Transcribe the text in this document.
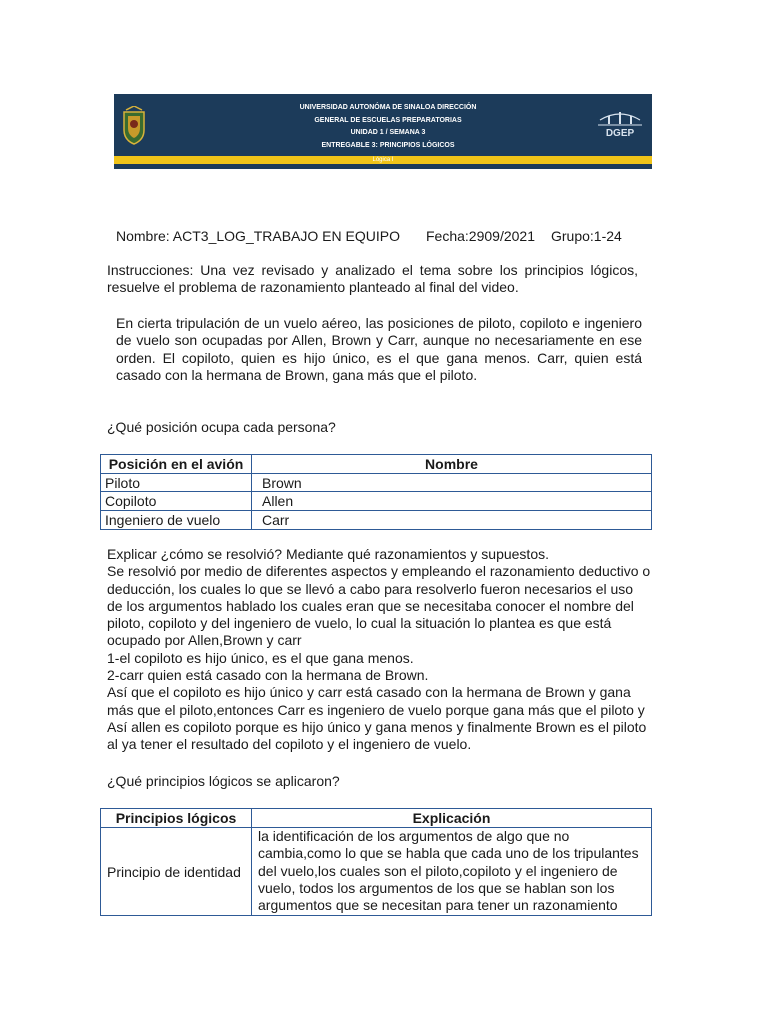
Lógica I
UNIVERSIDAD AUTONÓMA DE SINALOA DIRECCIÓN
GENERAL DE ESCUELAS PREPARATORIAS
UNIDAD 1 / SEMANA 3
ENTREGABLE 3: PRINCIPIOS LÓGICOS
DGEP
Nombre: ACT3_LOG_TRABAJO EN EQUIPO Fecha:2909/2021 Grupo:1-24
Instrucciones: Una vez revisado y analizado el tema sobre los principios lógicos, resuelve el problema de razonamiento planteado al final del video.
En cierta tripulación de un vuelo aéreo, las posiciones de piloto, copiloto e ingeniero de vuelo son ocupadas por Allen, Brown y Carr, aunque no necesariamente en ese orden. El copiloto, quien es hijo único, es el que gana menos. Carr, quien está casado con la hermana de Brown, gana más que el piloto.
¿Qué posición ocupa cada persona?
Posición en el avión	Nombre
Piloto	Brown
Copiloto	Allen
Ingeniero de vuelo	Carr
Explicar ¿cómo se resolvió? Mediante qué razonamientos y supuestos.
Se resolvió por medio de diferentes aspectos y empleando el razonamiento deductivo o deducción, los cuales lo que se llevó a cabo para resolverlo fueron necesarios el uso de los argumentos hablado los cuales eran que se necesitaba conocer el nombre del piloto, copiloto y del ingeniero de vuelo, lo cual la situación lo plantea es que está ocupado por Allen,Brown y carr
1-el copiloto es hijo único, es el que gana menos.
2-carr quien está casado con la hermana de Brown.
Así que el copiloto es hijo único y carr está casado con la hermana de Brown y gana más que el piloto,entonces Carr es ingeniero de vuelo porque gana más que el piloto y Así allen es copiloto porque es hijo único y gana menos y finalmente Brown es el piloto al ya tener el resultado del copiloto y el ingeniero de vuelo.
¿Qué principios lógicos se aplicaron?
Principios lógicos	Explicación
Principio de identidad	la identificación de los argumentos de algo que no cambia,como lo que se habla que cada uno de los tripulantes del vuelo,los cuales son el piloto,copiloto y el ingeniero de vuelo, todos los argumentos de los que se hablan son los argumentos que se necesitan para tener un razonamiento
